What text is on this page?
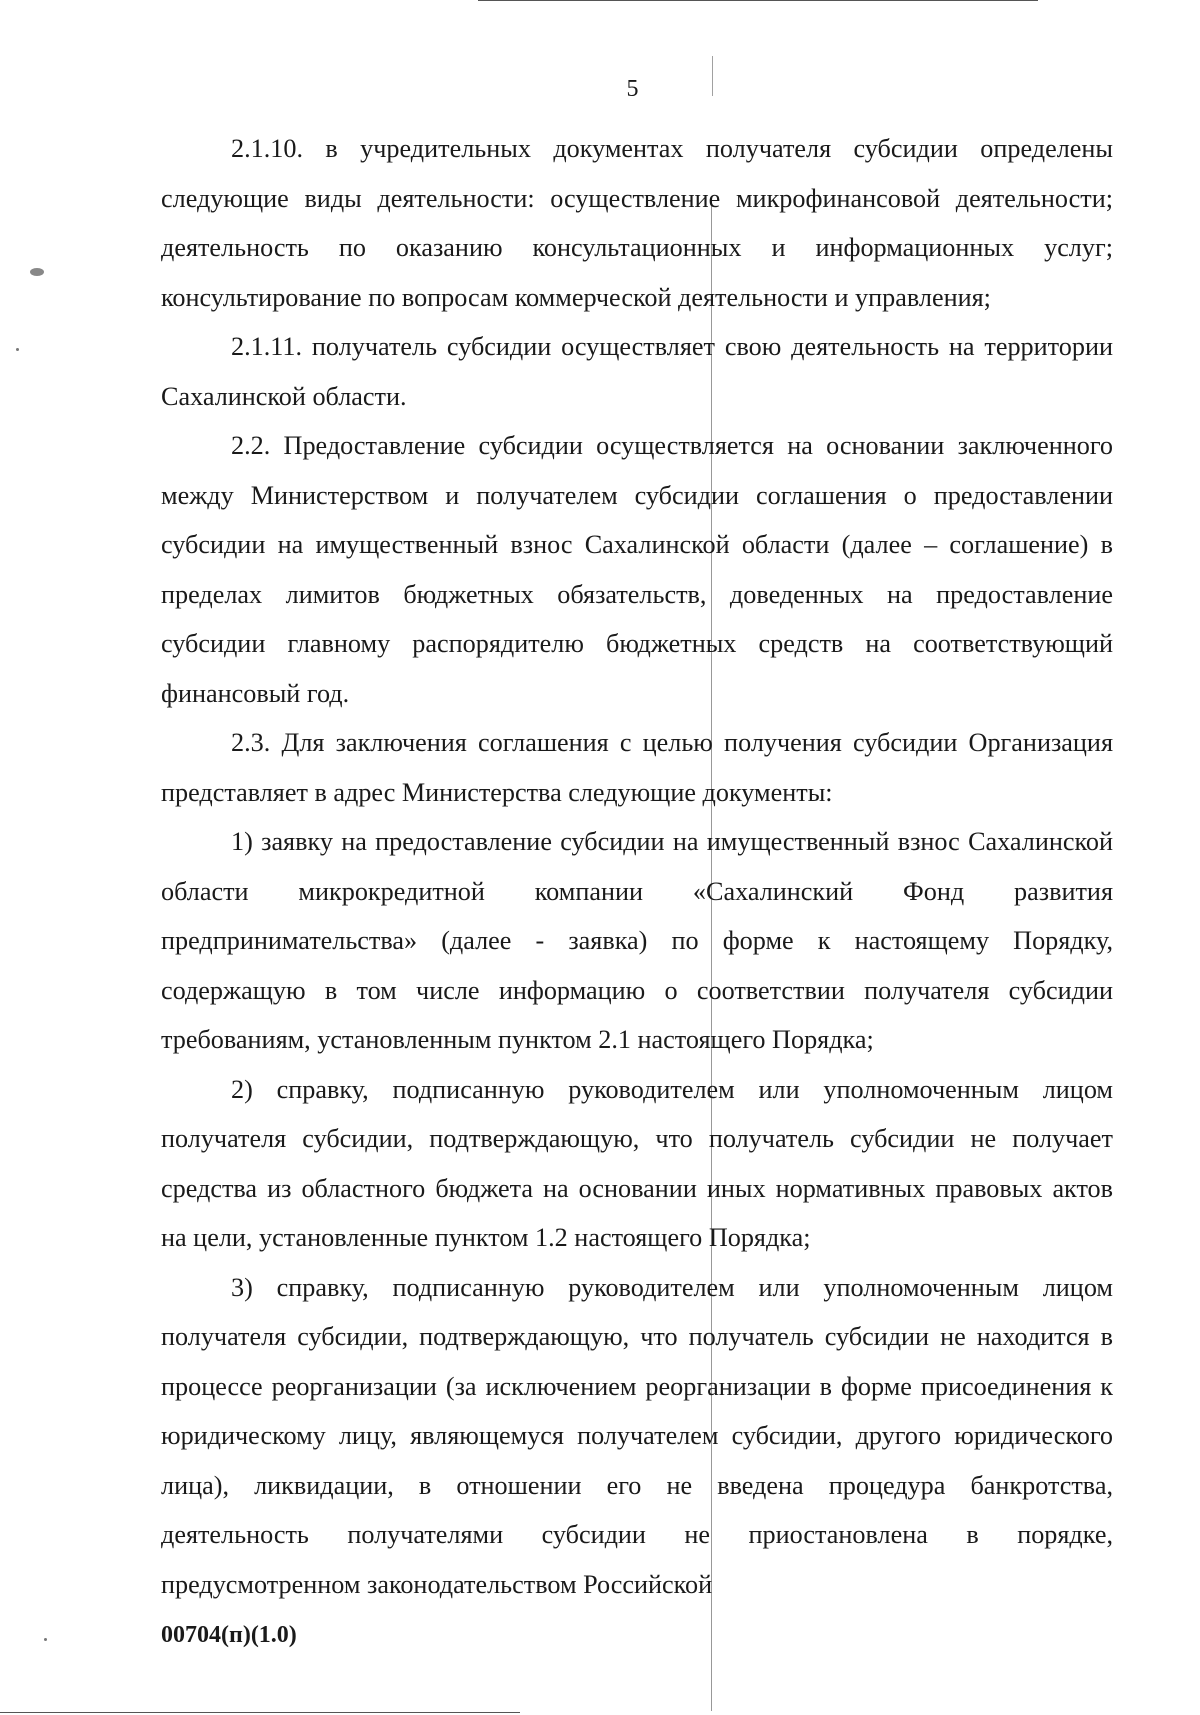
5

2.1.10. в учредительных документах получателя субсидии определены следующие виды деятельности: осуществление микрофинансовой деятельности; деятельность по оказанию консультационных и информационных услуг; консультирование по вопросам коммерческой деятельности и управления;

2.1.11. получатель субсидии осуществляет свою деятельность на территории Сахалинской области.

2.2. Предоставление субсидии осуществляется на основании заключенного между Министерством и получателем субсидии соглашения о предоставлении субсидии на имущественный взнос Сахалинской области (далее – соглашение) в пределах лимитов бюджетных обязательств, доведенных на предоставление субсидии главному распорядителю бюджетных средств на соответствующий финансовый год.

2.3. Для заключения соглашения с целью получения субсидии Организация представляет в адрес Министерства следующие документы:

1) заявку на предоставление субсидии на имущественный взнос Сахалинской области микрокредитной компании «Сахалинский Фонд развития предпринимательства» (далее - заявка) по форме к настоящему Порядку, содержащую в том числе информацию о соответствии получателя субсидии требованиям, установленным пунктом 2.1 настоящего Порядка;

2) справку, подписанную руководителем или уполномоченным лицом получателя субсидии, подтверждающую, что получатель субсидии не получает средства из областного бюджета на основании иных нормативных правовых актов на цели, установленные пунктом 1.2 настоящего Порядка;

3) справку, подписанную руководителем или уполномоченным лицом получателя субсидии, подтверждающую, что получатель субсидии не находится в процессе реорганизации (за исключением реорганизации в форме присоединения к юридическому лицу, являющемуся получателем субсидии, другого юридического лица), ликвидации, в отношении его не введена процедура банкротства, деятельность получателями субсидии не приостановлена в порядке, предусмотренном законодательством Российской

00704(п)(1.0)
